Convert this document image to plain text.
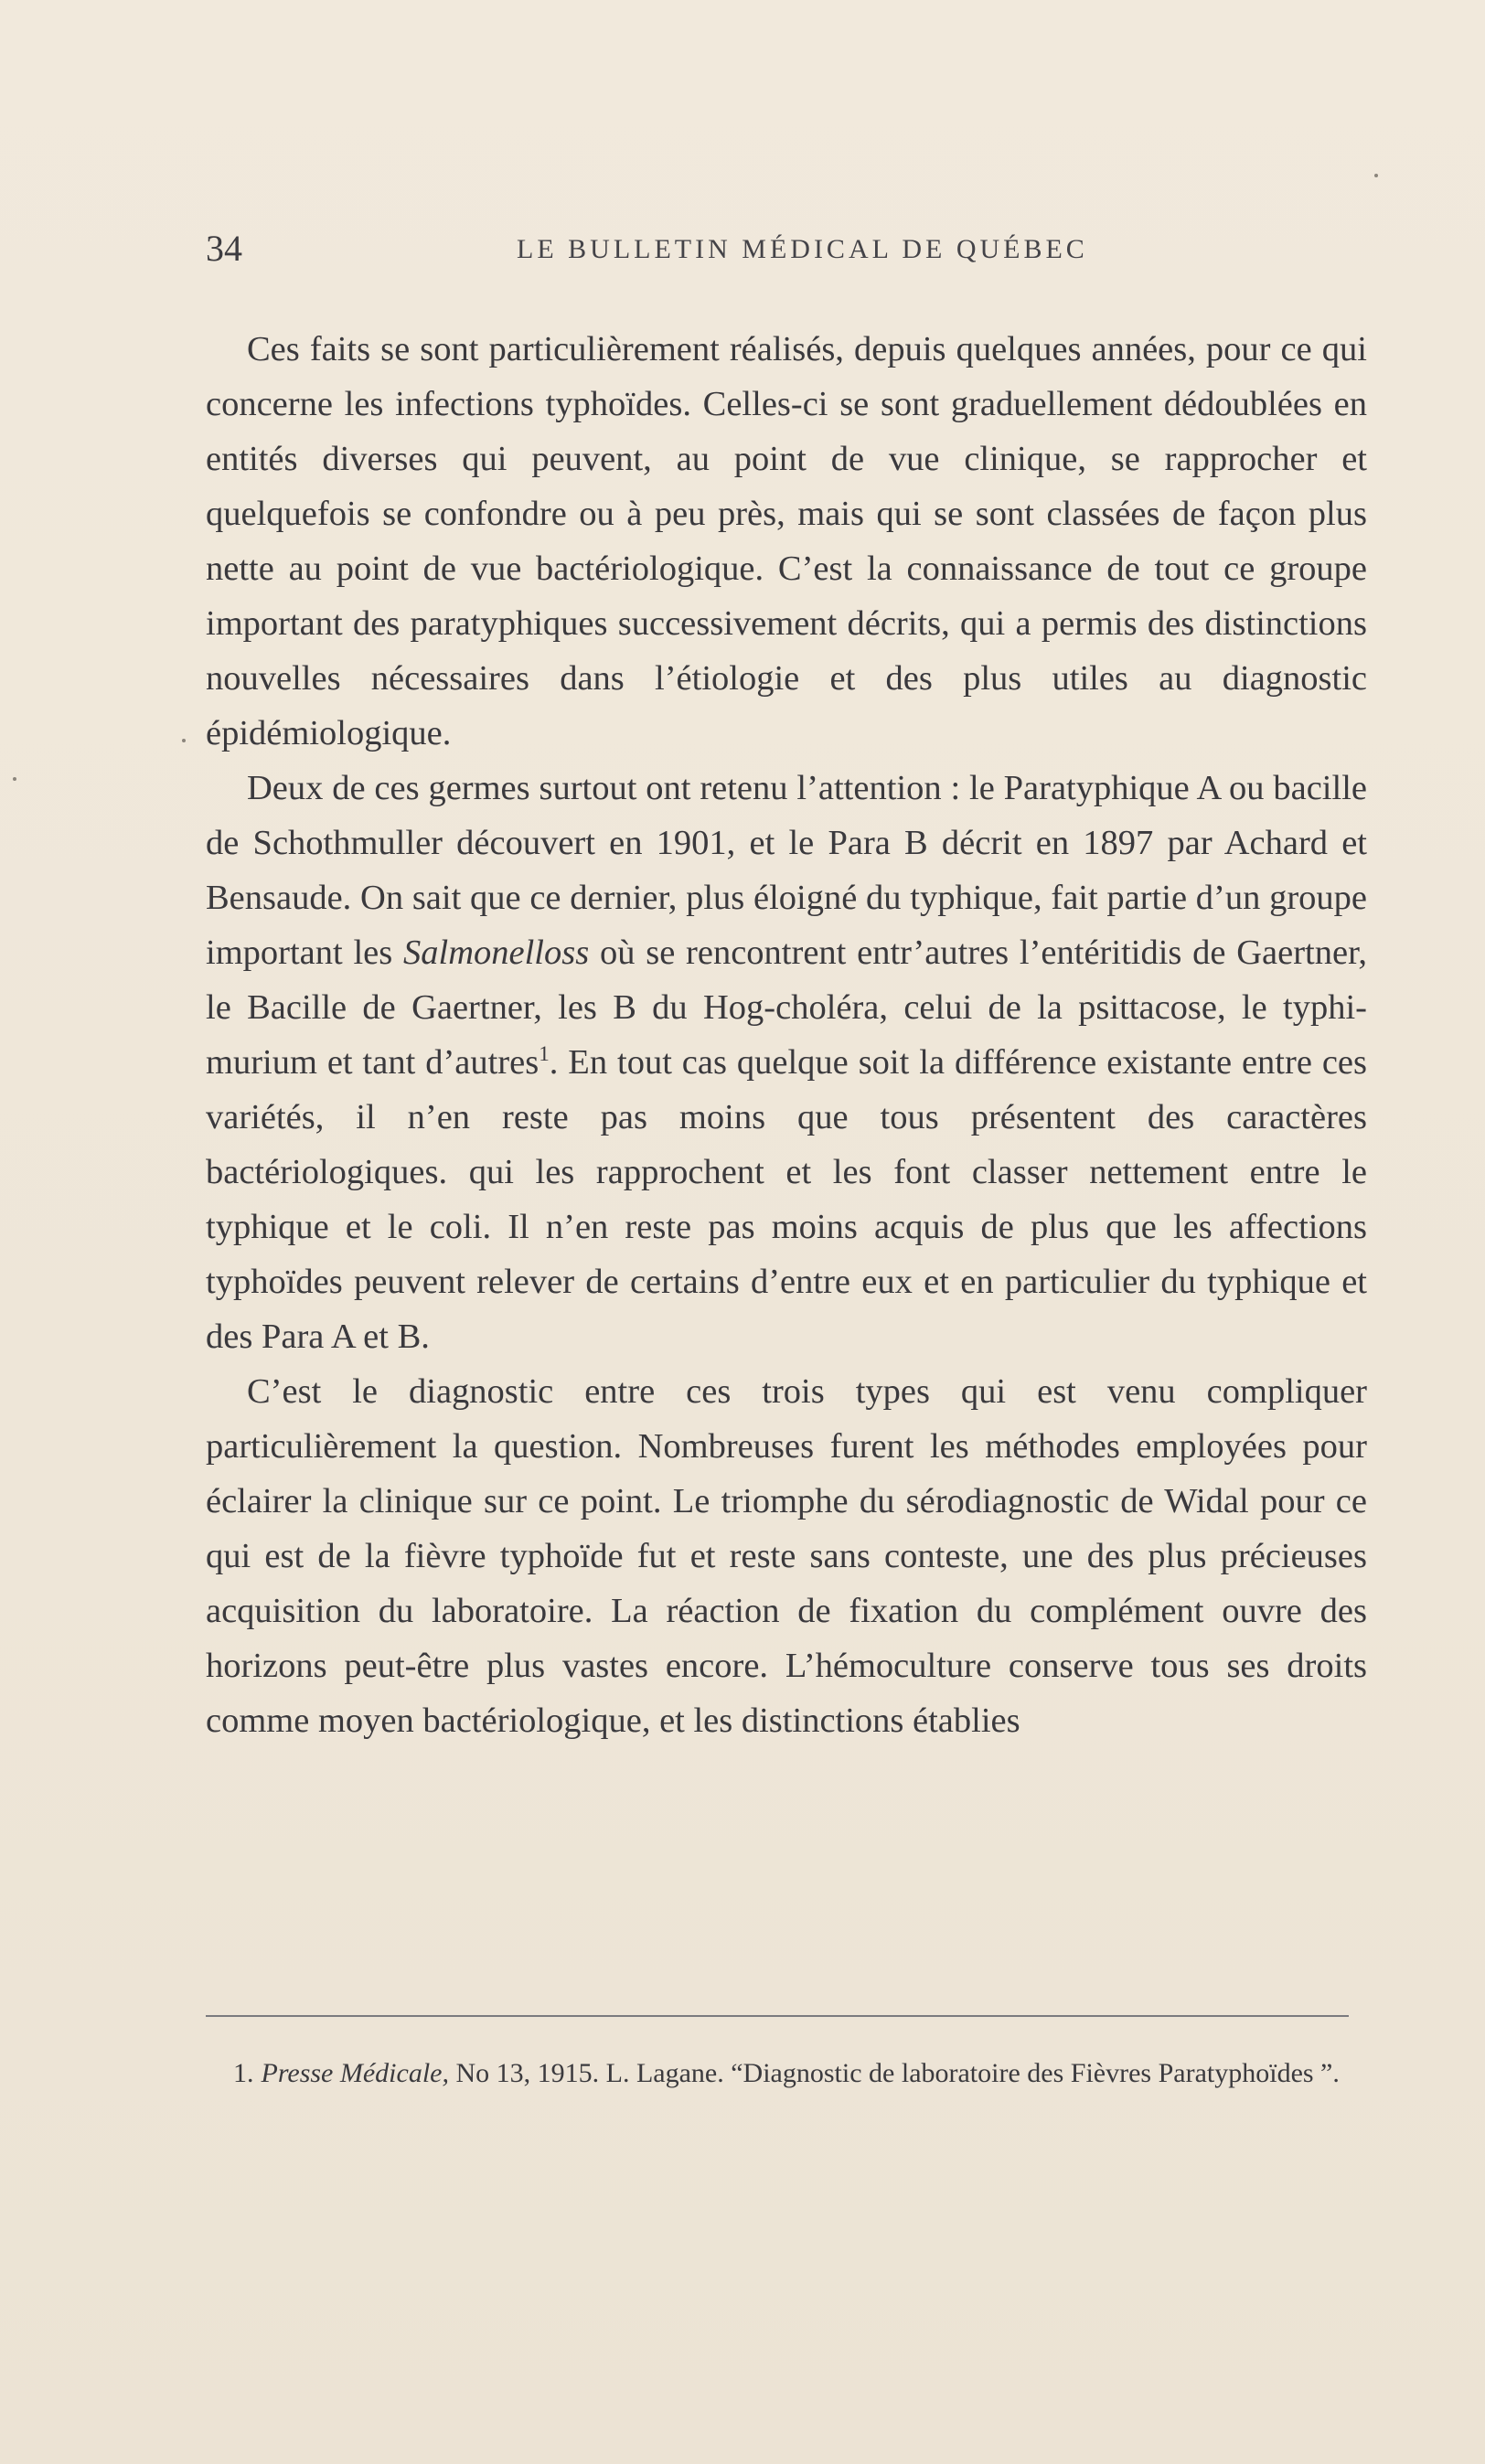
34	LE BULLETIN MÉDICAL DE QUÉBEC

Ces faits se sont particulièrement réalisés, depuis quelques années, pour ce qui concerne les infections typhoïdes. Celles-ci se sont graduellement dédoublées en entités diverses qui peuvent, au point de vue clinique, se rapprocher et quelquefois se confondre ou à peu près, mais qui se sont classées de façon plus nette au point de vue bactériologique. C’est la connaissance de tout ce groupe important des paratyphiques successivement décrits, qui a permis des distinctions nouvelles nécessaires dans l’étiologie et des plus utiles au diagnostic épidémiologique.

Deux de ces germes surtout ont retenu l’attention : le Paratyphique A ou bacille de Schothmuller découvert en 1901, et le Para B décrit en 1897 par Achard et Bensaude. On sait que ce dernier, plus éloigné du typhique, fait partie d’un groupe important les Salmonelloss où se rencontrent entr’autres l’entéritidis de Gaertner, le Bacille de Gaertner, les B du Hog-choléra, celui de la psittacose, le typhi-murium et tant d’autres$^1$. En tout cas quelque soit la différence existante entre ces variétés, il n’en reste pas moins que tous présentent des caractères bactériologiques. qui les rapprochent et les font classer nettement entre le typhique et le coli. Il n’en reste pas moins acquis de plus que les affections typhoïdes peuvent relever de certains d’entre eux et en particulier du typhique et des Para A et B.

C’est le diagnostic entre ces trois types qui est venu compliquer particulièrement la question. Nombreuses furent les méthodes employées pour éclairer la clinique sur ce point. Le triomphe du sérodiagnostic de Widal pour ce qui est de la fièvre typhoïde fut et reste sans conteste, une des plus précieuses acquisition du laboratoire. La réaction de fixation du complément ouvre des horizons peut-être plus vastes encore. L’hémoculture conserve tous ses droits comme moyen bactériologique, et les distinctions établies

1. Presse Médicale, No 13, 1915. L. Lagane. “Diagnostic de laboratoire des Fièvres Paratyphoïdes ”.
